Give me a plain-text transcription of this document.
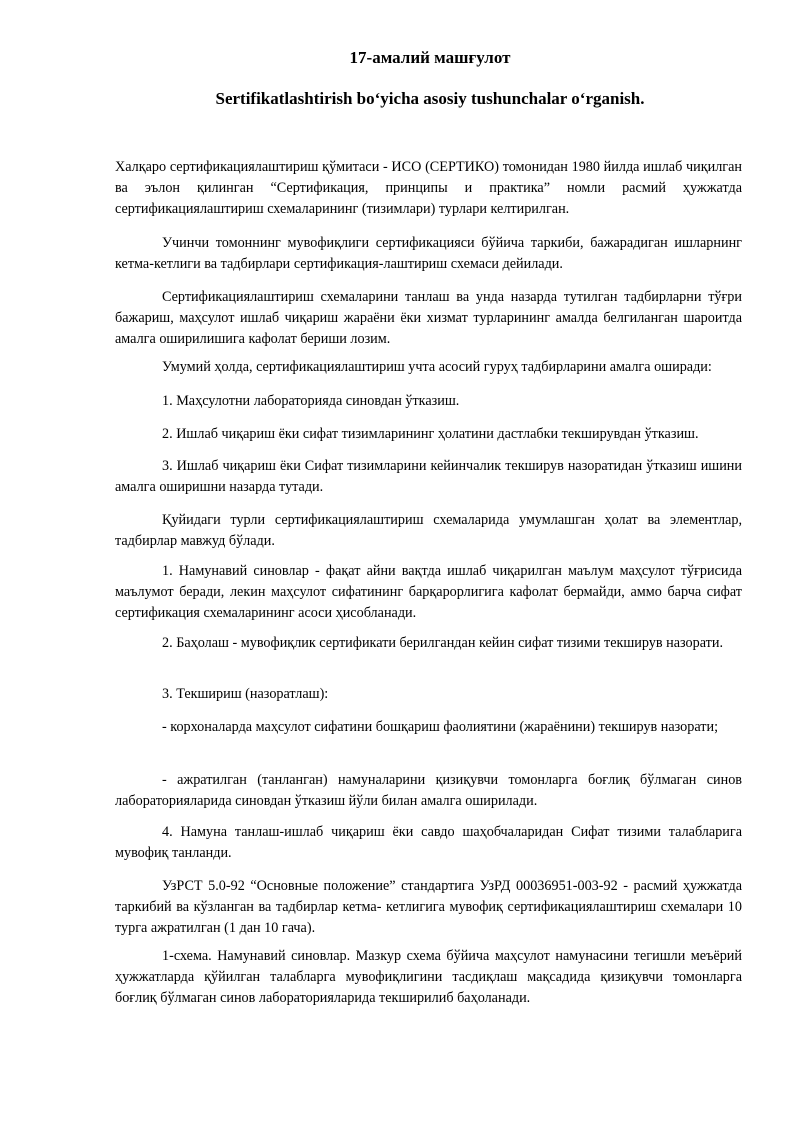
17-амалий машғулот
Sertifikatlashtirish bo‘yicha asosiy tushunchalar o‘rganish.

Халқаро сертификациялаштириш қўмитаси - ИСО (СЕРТИКО) томонидан 1980 йилда ишлаб чиқилган ва эълон қилинган “Сертификация, принципы и практика” номли расмий ҳужжатда сертификациялаштириш схемаларининг (тизимлари) турлари келтирилган.

Учинчи томоннинг мувофиқлиги сертификацияси бўйича таркиби, бажарадиган ишларнинг кетма-кетлиги ва тадбирлари сертификация-лаштириш схемаси дейилади.

Сертификациялаштириш схемаларини танлаш ва унда назарда тутилган тадбирларни тўғри бажариш, маҳсулот ишлаб чиқариш жараёни ёки хизмат турларининг амалда белгиланган шароитда амалга оширилишига кафолат бериши лозим.

Умумий ҳолда, сертификациялаштириш учта асосий гуруҳ тадбирларини амалга оширади:

1. Маҳсулотни лабораторияда синовдан ўтказиш.

2. Ишлаб чиқариш ёки сифат тизимларининг ҳолатини дастлабки текширувдан ўтказиш.

3. Ишлаб чиқариш ёки Сифат тизимларини кейинчалик текширув назоратидан ўтказиш ишини амалга оширишни назарда тутади.

Қуйидаги турли сертификациялаштириш схемаларида умумлашган ҳолат ва элементлар, тадбирлар мавжуд бўлади.

1. Намунавий синовлар - фақат айни вақтда ишлаб чиқарилган маълум маҳсулот тўғрисида маълумот беради, лекин маҳсулот сифатининг барқарорлигига кафолат бермайди, аммо барча сифат сертификация схемаларининг асоси ҳисобланади.

2. Баҳолаш - мувофиқлик сертификати берилгандан кейин сифат тизими текширув назорати.

3. Текшириш (назоратлаш):

- корхоналарда маҳсулот сифатини бошқариш фаолиятини (жараёнини) текширув назорати;

- ажратилган (танланган) намуналарини қизиқувчи томонларга боғлиқ бўлмаган синов лабораторияларида синовдан ўтказиш йўли билан амалга оширилади.

4. Намуна танлаш-ишлаб чиқариш ёки савдо шаҳобчаларидан Сифат тизими талабларига мувофиқ танланди.

УзРСТ 5.0-92 “Основные положение” стандартига УзРД 00036951-003-92 - расмий ҳужжатда таркибий ва кўзланган ва тадбирлар кетма- кетлигига мувофиқ сертификациялаштириш схемалари 10 турга ажратилган (1 дан 10 гача).

1-схема. Намунавий синовлар. Мазкур схема бўйича маҳсулот намунасини тегишли меъёрий ҳужжатларда қўйилган талабларга мувофиқлигини тасдиқлаш мақсадида қизиқувчи томонларга боғлиқ бўлмаган синов лабораторияларида текширилиб баҳоланади.
